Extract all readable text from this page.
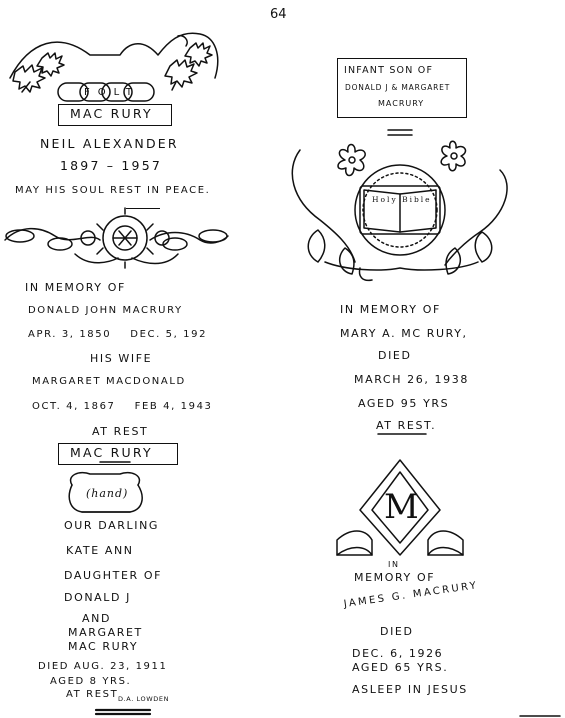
64
FOLT
MAC RURY
NEIL ALEXANDER
1897 – 1957
MAY HIS SOUL REST IN PEACE.
IN MEMORY OF
DONALD JOHN MACRURY
APR. 3, 1850    DEC. 5, 192
HIS WIFE
MARGARET MACDONALD
OCT. 4, 1867    FEB 4, 1943
AT REST
MAC RURY
(hand)
OUR DARLING
KATE ANN
DAUGHTER OF
DONALD J
AND
MARGARET
MAC RURY
DIED AUG. 23, 1911
AGED 8 YRS.
AT REST D.A. LOWDEN
INFANT SON OF
DONALD J & MARGARET
MACRURY
Holy Bible
IN MEMORY OF
MARY A. MC RURY,
DIED
MARCH 26, 1938
AGED 95 YRS
AT REST.
M
IN
MEMORY OF
JAMES G. MACRURY
DIED
DEC. 6, 1926
AGED 65 YRS.
ASLEEP IN JESUS
